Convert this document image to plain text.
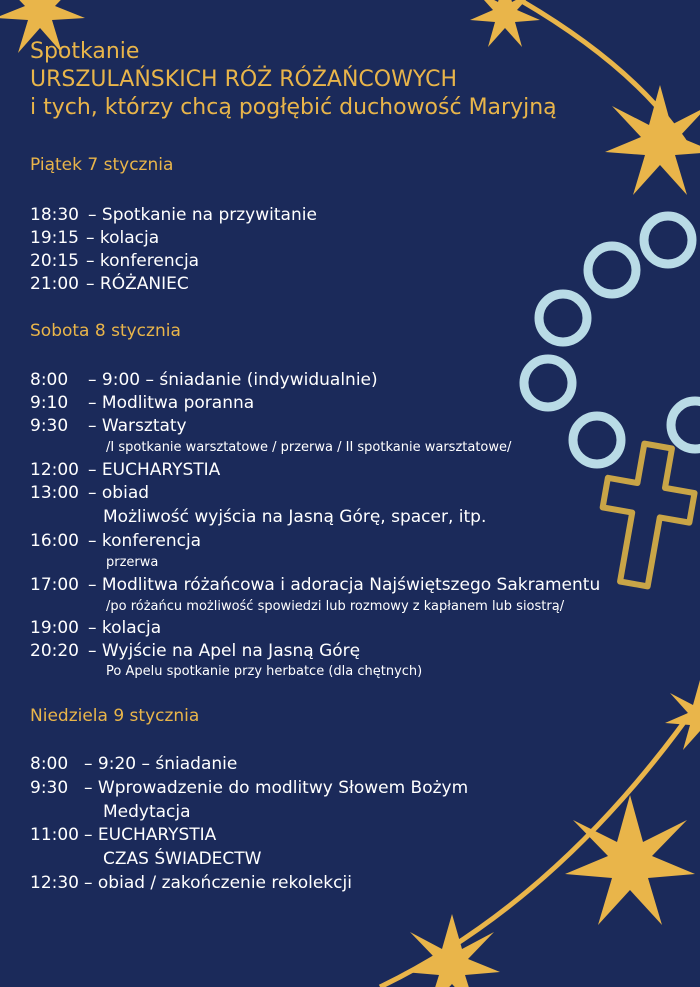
Spotkanie
URSZULAŃSKICH RÓŻ RÓŻAŃCOWYCH
i tych, którzy chcą pogłębić duchowość Maryjną
Piątek 7 stycznia
18:30 – Spotkanie na przywitanie
19:15 – kolacja
20:15 – konferencja
21:00 – RÓŻANIEC
Sobota 8 stycznia
8:00 – 9:00 – śniadanie (indywidualnie)
9:10 – Modlitwa poranna
9:30 – Warsztaty
/I spotkanie warsztatowe / przerwa / II spotkanie warsztatowe/
12:00 – EUCHARYSTIA
13:00 – obiad
Możliwość wyjścia na Jasną Górę, spacer, itp.
16:00 – konferencja
przerwa
17:00 – Modlitwa różańcowa i adoracja Najświętszego Sakramentu
/po różańcu możliwość spowiedzi lub rozmowy z kapłanem lub siostrą/
19:00 – kolacja
20:20 – Wyjście na Apel na Jasną Górę
Po Apelu spotkanie przy herbatce (dla chętnych)
Niedziela 9 stycznia
8:00 – 9:20 – śniadanie
9:30 – Wprowadzenie do modlitwy Słowem Bożym
Medytacja
11:00 – EUCHARYSTIA
CZAS ŚWIADECTW
12:30 – obiad / zakończenie rekolekcji
